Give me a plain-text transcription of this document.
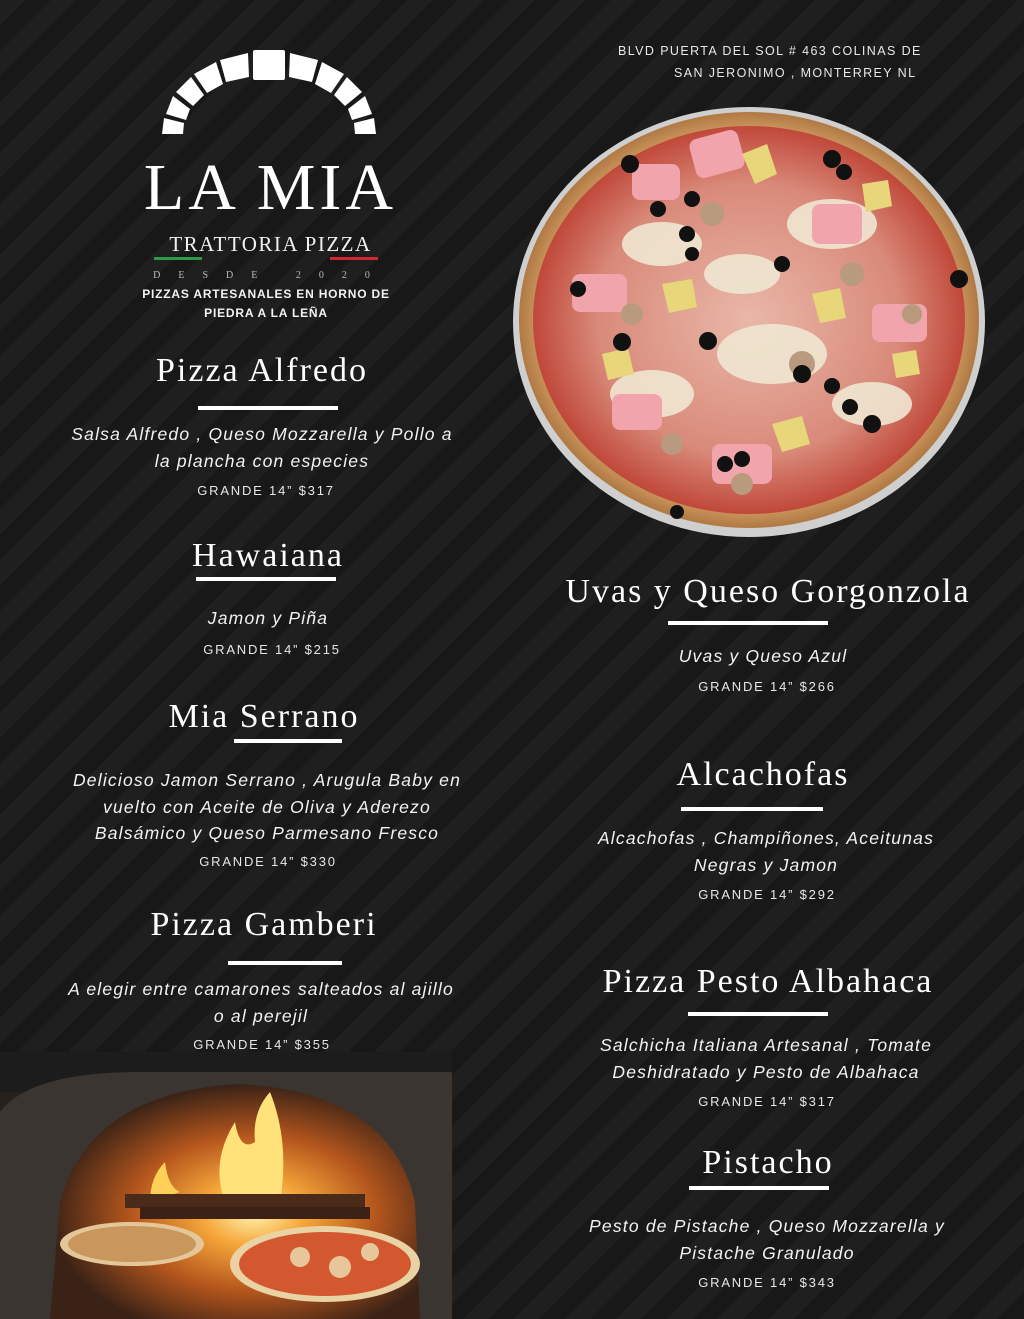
LA MIA
TRATTORIA PIZZA
DESDE 2020
BLVD PUERTA DEL SOL # 463 COLINAS DE
SAN JERONIMO , MONTERREY NL
PIZZAS ARTESANALES EN HORNO DE
PIEDRA A LA LEÑA
Pizza Alfredo
Salsa Alfredo , Queso Mozzarella y Pollo a
la plancha con especies
GRANDE 14” $317
Hawaiana
Jamon y Piña
GRANDE 14” $215
Mia Serrano
Delicioso Jamon Serrano , Arugula Baby en
vuelto con Aceite de Oliva y Aderezo
Balsámico y Queso Parmesano Fresco
GRANDE 14” $330
Pizza Gamberi
A elegir entre camarones salteados al ajillo
o al perejil
GRANDE 14” $355
Uvas y Queso Gorgonzola
Uvas y Queso Azul
GRANDE 14” $266
Alcachofas
Alcachofas , Champiñones, Aceitunas
Negras y Jamon
GRANDE 14” $292
Pizza Pesto Albahaca
Salchicha Italiana Artesanal , Tomate
Deshidratado y Pesto de Albahaca
GRANDE 14” $317
Pistacho
Pesto de Pistache , Queso Mozzarella y
Pistache Granulado
GRANDE 14” $343
